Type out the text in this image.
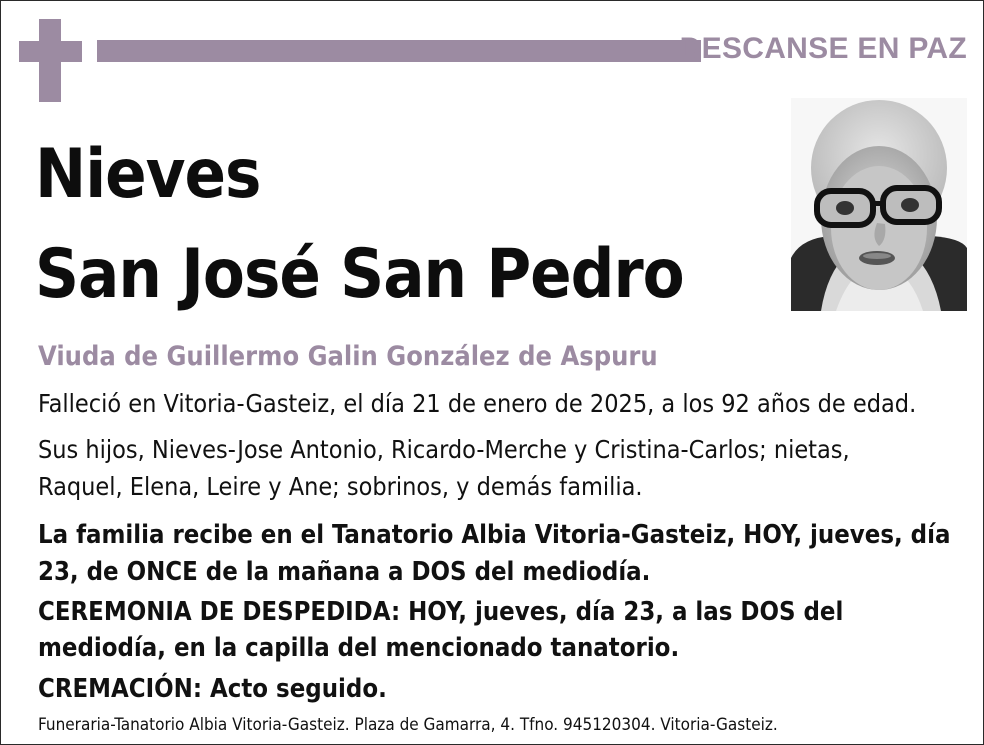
DESCANSE EN PAZ
Nieves
San José San Pedro
Viuda de Guillermo Galin González de Aspuru
Falleció en Vitoria-Gasteiz, el día 21 de enero de 2025, a los 92 años de edad.
Sus hijos, Nieves-Jose Antonio, Ricardo-Merche y Cristina-Carlos; nietas,
Raquel, Elena, Leire y Ane; sobrinos, y demás familia.
La familia recibe en el Tanatorio Albia Vitoria-Gasteiz, HOY, jueves, día
23, de ONCE de la mañana a DOS del mediodía.
CEREMONIA DE DESPEDIDA: HOY, jueves, día 23, a las DOS del
mediodía, en la capilla del mencionado tanatorio.
CREMACIÓN: Acto seguido.
Funeraria-Tanatorio Albia Vitoria-Gasteiz. Plaza de Gamarra, 4. Tfno. 945120304. Vitoria-Gasteiz.
